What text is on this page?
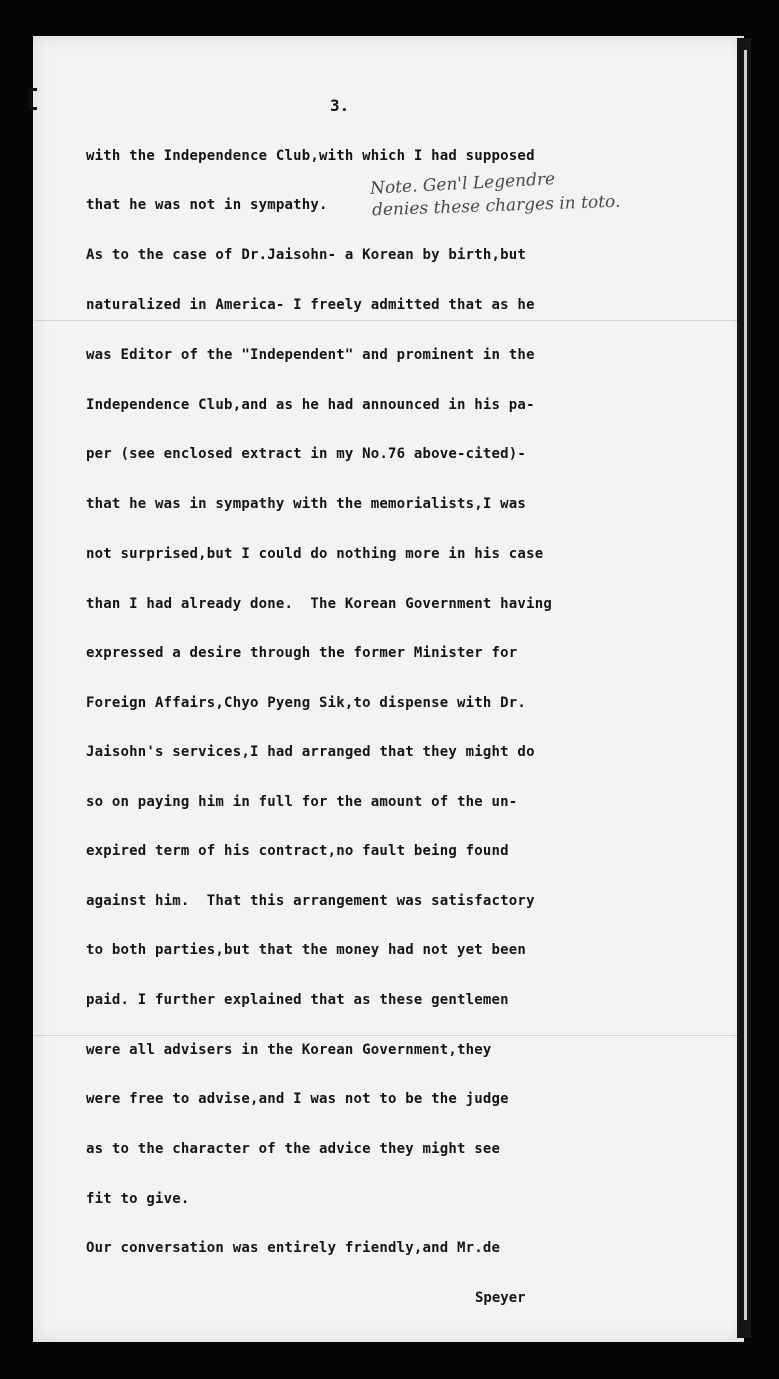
3.
with the Independence Club,with which I had supposed
that he was not in sympathy.
As to the case of Dr.Jaisohn- a Korean by birth,but
naturalized in America- I freely admitted that as he
was Editor of the "Independent" and prominent in the
Independence Club,and as he had announced in his pa-
per (see enclosed extract in my No.76 above-cited)-
that he was in sympathy with the memorialists,I was
not surprised,but I could do nothing more in his case
than I had already done.  The Korean Government having
expressed a desire through the former Minister for
Foreign Affairs,Chyo Pyeng Sik,to dispense with Dr.
Jaisohn's services,I had arranged that they might do
so on paying him in full for the amount of the un-
expired term of his contract,no fault being found
against him.  That this arrangement was satisfactory
to both parties,but that the money had not yet been
paid. I further explained that as these gentlemen
were all advisers in the Korean Government,they
were free to advise,and I was not to be the judge
as to the character of the advice they might see
fit to give.
Our conversation was entirely friendly,and Mr.de
Note. Gen'l Legendre
denies these charges in toto.
Speyer
